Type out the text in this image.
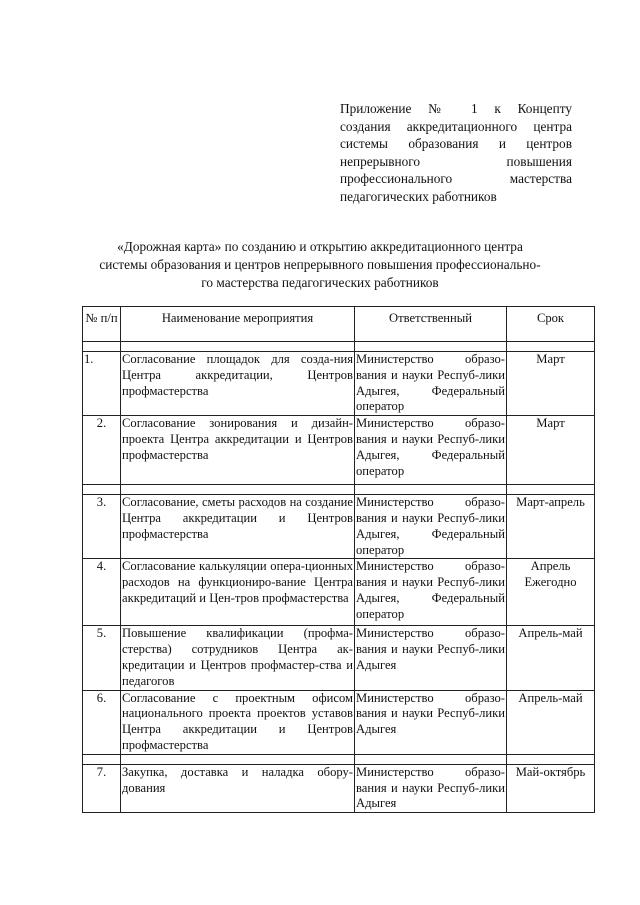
Приложение № 1 к Концепту
создания аккредитационного центра
системы образования и центров
непрерывного повышения
профессионального мастерства
педагогических работников
«Дорожная карта» по созданию и открытию аккредитационного центра
системы образования и центров непрерывного повышения профессионально-
го мастерства педагогических работников
№ п/п	Наименование мероприятия	Ответственный	Срок

1.	Согласование площадок для созда-ния Центра аккредитации, Центров профмастерства	Министерство образо-вания и науки Респуб-лики Адыгея, Федеральный оператор	Март

2.	Согласование зонирования и дизайн-проекта Центра аккредитации и Центров профмастерства	Министерство образо-вания и науки Респуб-лики Адыгея, Федеральный оператор	Март

3.	Согласование, сметы расходов на создание Центра аккредитации и Центров профмастерства	Министерство образо-вания и науки Респуб-лики Адыгея, Федеральный оператор	Март-апрель

4.	Согласование калькуляции опера-ционных расходов на функциониро-вание Центра аккредитаций и Цен-тров профмастерства	Министерство образо-вания и науки Респуб-лики Адыгея, Федеральный оператор	Апрель
Ежегодно

5.	Повышение квалификации (профма-стерства) сотрудников Центра ак-кредитации и Центров профмастер-ства и педагогов	Министерство образо-вания и науки Респуб-лики Адыгея	Апрель-май

6.	Согласование с проектным офисом национального проекта проектов уставов Центра аккредитации и Центров профмастерства	Министерство образо-вания и науки Респуб-лики Адыгея	Апрель-май

7.	Закупка, доставка и наладка обору-дования	Министерство образо-вания и науки Респуб-лики Адыгея	Май-октябрь
